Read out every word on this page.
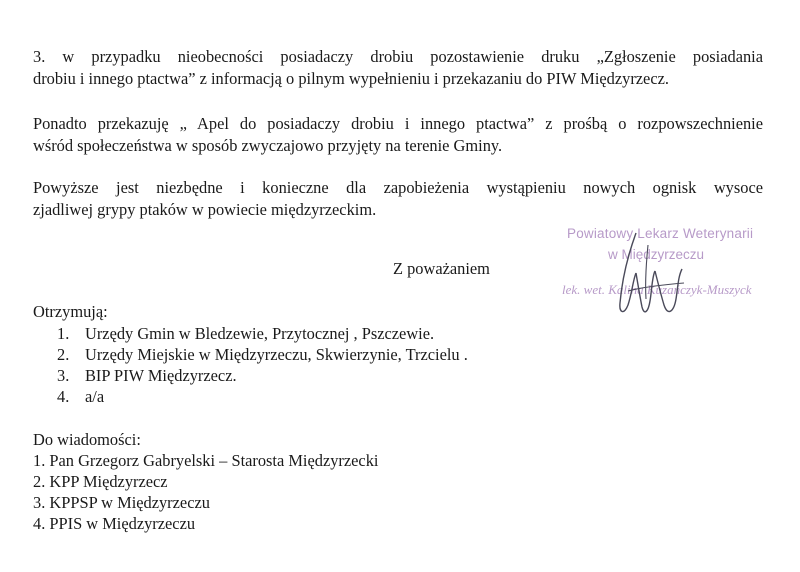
3. w przypadku nieobecności posiadaczy drobiu pozostawienie druku „Zgłoszenie posiadania
drobiu i innego ptactwa” z informacją o pilnym wypełnieniu i przekazaniu do PIW Międzyrzecz.

Ponadto przekazuję „ Apel do posiadaczy drobiu i innego ptactwa” z prośbą o rozpowszechnienie
wśród społeczeństwa w sposób zwyczajowo przyjęty na terenie Gminy.

Powyższe jest niezbędne i konieczne dla zapobieżenia wystąpieniu nowych ognisk wysoce
zjadliwej grypy ptaków w powiecie międzyrzeckim.

Powiatowy Lekarz Weterynarii
w Międzyrzeczu
lek. wet. Kalina Kuzańczyk-Muszyck
Z poważaniem
Otrzymują:
1. Urzędy Gmin w Bledzewie, Przytocznej , Pszczewie.
2. Urzędy Miejskie w Międzyrzeczu, Skwierzynie, Trzcielu .
3. BIP PIW Międzyrzecz.
4. a/a
Do wiadomości:
1. Pan Grzegorz Gabryelski – Starosta Międzyrzecki
2. KPP Międzyrzecz
3. KPPSP w Międzyrzeczu
4. PPIS w Międzyrzeczu
